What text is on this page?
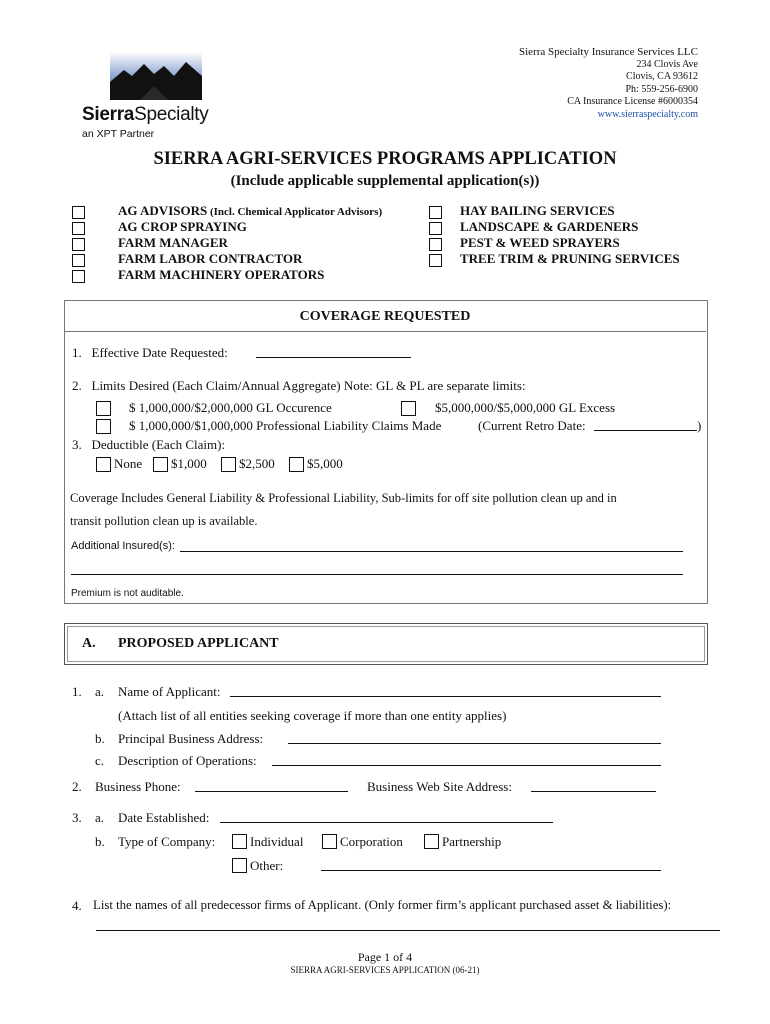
SierraSpecialty
an XPT Partner
Sierra Specialty Insurance Services LLC
234 Clovis Ave
Clovis, CA 93612
Ph: 559-256-6900
CA Insurance License #6000354
www.sierraspecialty.com
SIERRA AGRI-SERVICES PROGRAMS APPLICATION
(Include applicable supplemental application(s))
AG ADVISORS (Incl. Chemical Applicator Advisors)
AG CROP SPRAYING
FARM MANAGER
FARM LABOR CONTRACTOR
FARM MACHINERY OPERATORS
HAY BAILING SERVICES
LANDSCAPE & GARDENERS
PEST & WEED SPRAYERS
TREE TRIM & PRUNING SERVICES
COVERAGE REQUESTED
1. Effective Date Requested:
2. Limits Desired (Each Claim/Annual Aggregate) Note: GL & PL are separate limits:
$ 1,000,000/$2,000,000 GL Occurence	$5,000,000/$5,000,000 GL Excess
$ 1,000,000/$1,000,000 Professional Liability Claims Made	(Current Retro Date:	)
3. Deductible (Each Claim):
None $1,000 $2,500 $5,000
Coverage Includes General Liability & Professional Liability, Sub-limits for off site pollution clean up and in
transit pollution clean up is available.
Additional Insured(s):
Premium is not auditable.
A. PROPOSED APPLICANT
1. a. Name of Applicant:
(Attach list of all entities seeking coverage if more than one entity applies)
b. Principal Business Address:
c. Description of Operations:
2. Business Phone:	Business Web Site Address:
3. a. Date Established:
b. Type of Company:	Individual	Corporation	Partnership
Other:
4. List the names of all predecessor firms of Applicant. (Only former firm’s applicant purchased asset & liabilities):
Page 1 of 4
SIERRA AGRI-SERVICES APPLICATION (06-21)
